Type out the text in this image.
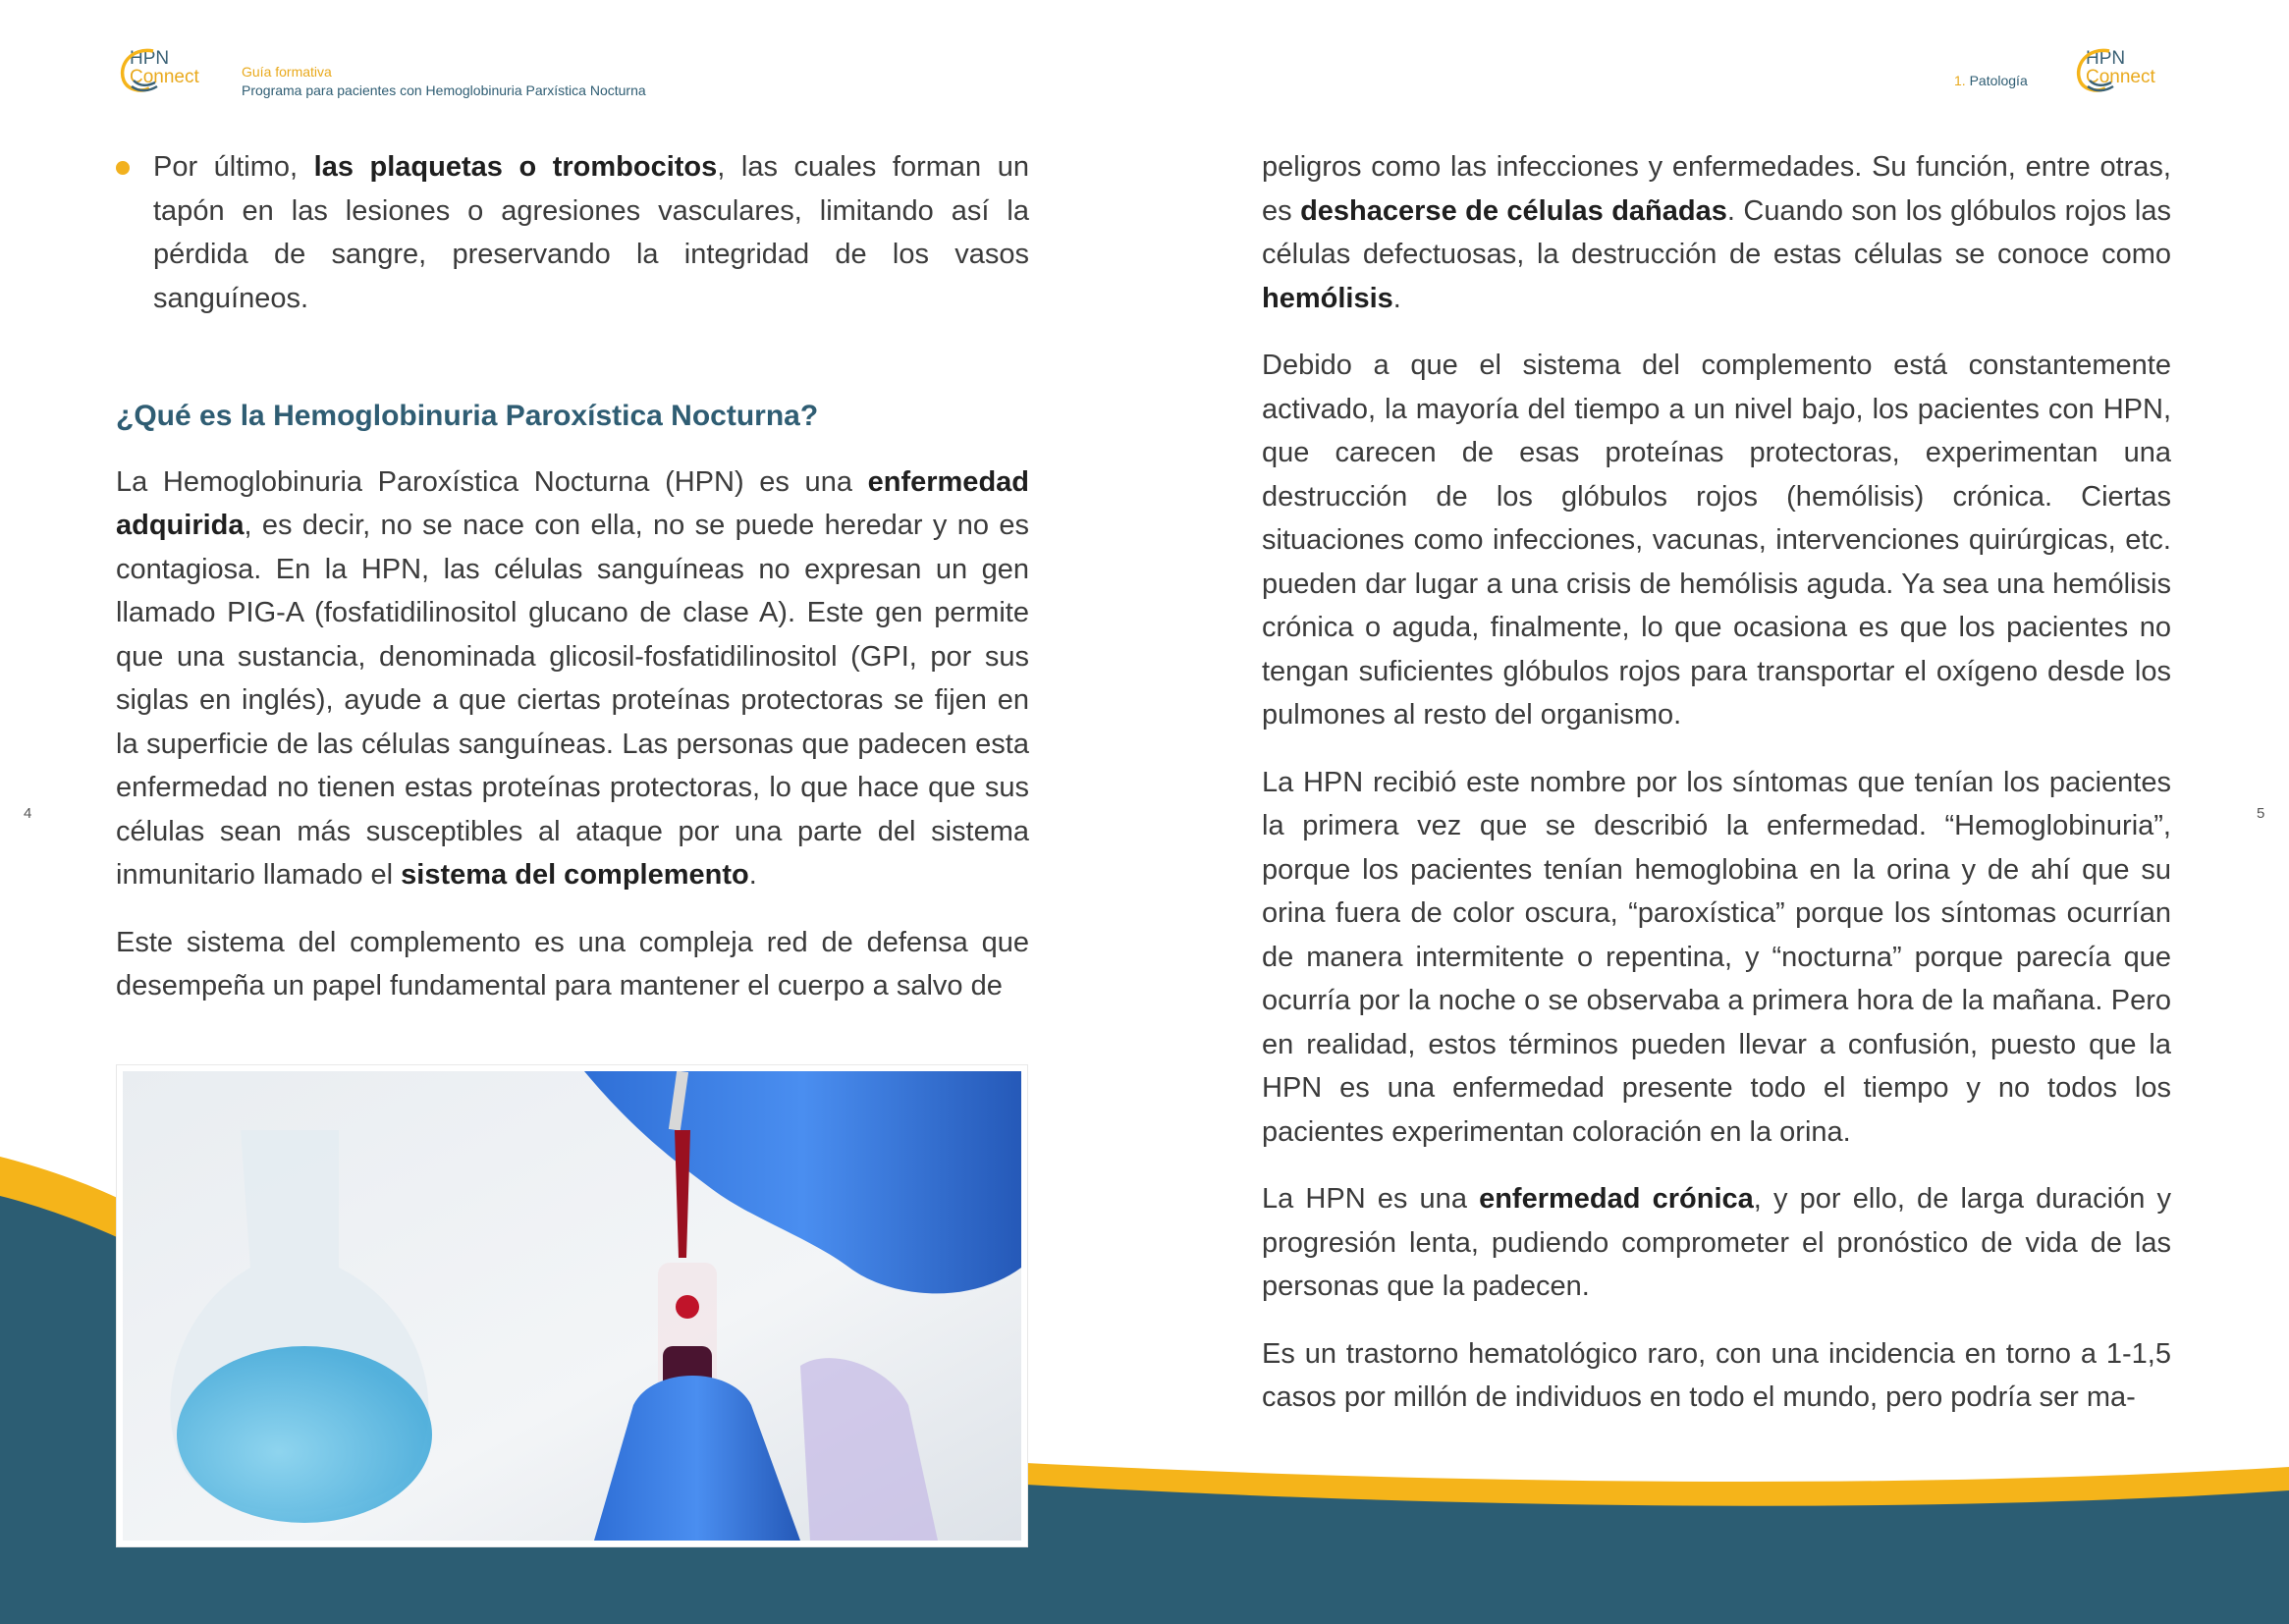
HPN
Connect	Guía formativa
Programa para pacientes con Hemoglobinuria Parxística Nocturna
1. Patología
HPN
Connect
4	5

Por último, las plaquetas o trombocitos, las cuales forman un tapón en las lesiones o agresiones vasculares, limitando así la pérdida de sangre, preservando la integridad de los vasos sanguíneos.

¿Qué es la Hemoglobinuria Paroxística Nocturna?

La Hemoglobinuria Paroxística Nocturna (HPN) es una enfermedad adquirida, es decir, no se nace con ella, no se puede heredar y no es contagiosa. En la HPN, las células sanguíneas no expresan un gen llamado PIG-A (fosfatidilinositol glucano de clase A). Este gen permite que una sustancia, denominada glicosil-fosfatidilinositol (GPI, por sus siglas en inglés), ayude a que ciertas proteínas protectoras se fijen en la superficie de las células sanguíneas. Las personas que padecen esta enfermedad no tienen estas proteínas protectoras, lo que hace que sus células sean más susceptibles al ataque por una parte del sistema inmunitario llamado el sistema del complemento.

Este sistema del complemento es una compleja red de defensa que desempeña un papel fundamental para mantener el cuerpo a salvo de

peligros como las infecciones y enfermedades. Su función, entre otras, es deshacerse de células dañadas. Cuando son los glóbulos rojos las células defectuosas, la destrucción de estas células se conoce como hemólisis.

Debido a que el sistema del complemento está constantemente activado, la mayoría del tiempo a un nivel bajo, los pacientes con HPN, que carecen de esas proteínas protectoras, experimentan una destrucción de los glóbulos rojos (hemólisis) crónica. Ciertas situaciones como infecciones, vacunas, intervenciones quirúrgicas, etc. pueden dar lugar a una crisis de hemólisis aguda. Ya sea una hemólisis crónica o aguda, finalmente, lo que ocasiona es que los pacientes no tengan suficientes glóbulos rojos para transportar el oxígeno desde los pulmones al resto del organismo.

La HPN recibió este nombre por los síntomas que tenían los pacientes la primera vez que se describió la enfermedad. “Hemoglobinuria”, porque los pacientes tenían hemoglobina en la orina y de ahí que su orina fuera de color oscura, “paroxística” porque los síntomas ocurrían de manera intermitente o repentina, y “nocturna” porque parecía que ocurría por la noche o se observaba a primera hora de la mañana. Pero en realidad, estos términos pueden llevar a confusión, puesto que la HPN es una enfermedad presente todo el tiempo y no todos los pacientes experimentan coloración en la orina.

La HPN es una enfermedad crónica, y por ello, de larga duración y progresión lenta, pudiendo comprometer el pronóstico de vida de las personas que la padecen.

Es un trastorno hematológico raro, con una incidencia en torno a 1-1,5 casos por millón de individuos en todo el mundo, pero podría ser ma-
